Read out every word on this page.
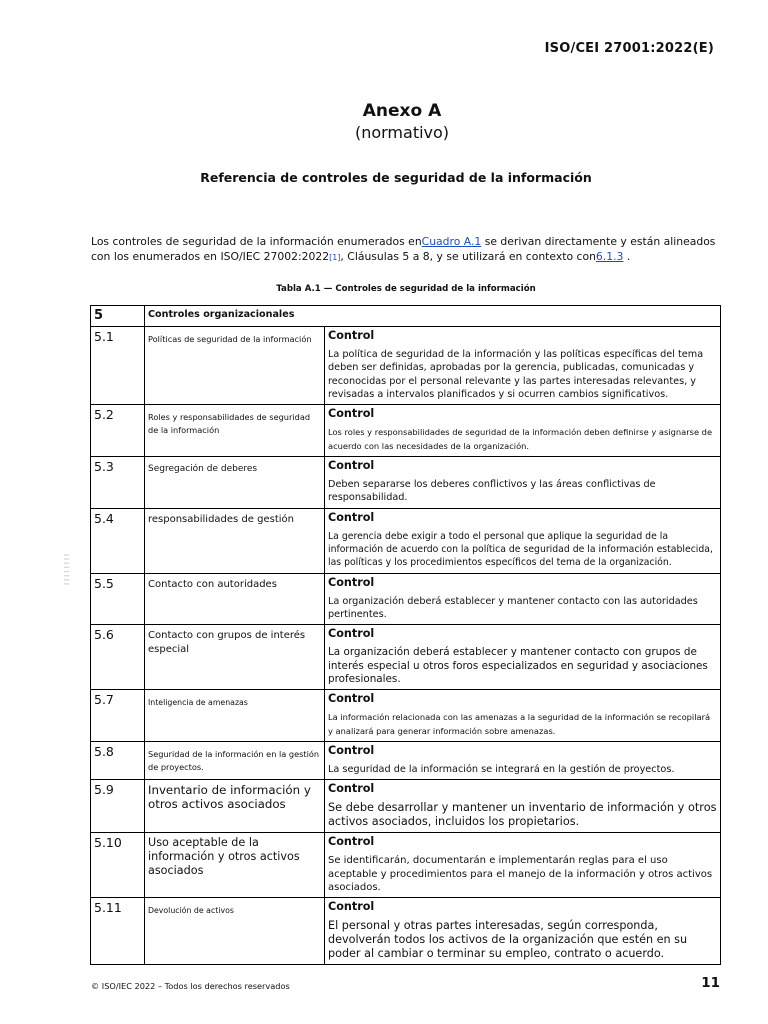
ISO/CEI 27001:2022(E)
Anexo A
(normativo)
Referencia de controles de seguridad de la información

Los controles de seguridad de la información enumerados enCuadro A.1 se derivan directamente y están alineados con los enumerados en ISO/IEC 27002:2022[1], Cláusulas 5 a 8, y se utilizará en contexto con6.1.3 .

Tabla A.1 — Controles de seguridad de la información
5	Controles organizacionales	
5.1	Políticas de seguridad de la información	Control
La política de seguridad de la información y las políticas específicas del tema deben ser definidas, aprobadas por la gerencia, publicadas, comunicadas y reconocidas por el personal relevante y las partes interesadas relevantes, y revisadas a intervalos planificados y si ocurren cambios significativos.

5.2	Roles y responsabilidades de seguridad de la información	Control
Los roles y responsabilidades de seguridad de la información deben definirse y asignarse de acuerdo con las necesidades de la organización.

5.3	Segregación de deberes	Control
Deben separarse los deberes conflictivos y las áreas conflictivas de responsabilidad.

5.4	responsabilidades de gestión	Control
La gerencia debe exigir a todo el personal que aplique la seguridad de la información de acuerdo con la política de seguridad de la información establecida, las políticas y los procedimientos específicos del tema de la organización.

5.5	Contacto con autoridades	Control
La organización deberá establecer y mantener contacto con las autoridades pertinentes.

5.6	Contacto con grupos de interés especial	Control
La organización deberá establecer y mantener contacto con grupos de interés especial u otros foros especializados en seguridad y asociaciones profesionales.

5.7	Inteligencia de amenazas	Control
La información relacionada con las amenazas a la seguridad de la información se recopilará y analizará para generar información sobre amenazas.

5.8	Seguridad de la información en la gestión de proyectos.	Control
La seguridad de la información se integrará en la gestión de proyectos.

5.9	Inventario de información y otros activos asociados	Control
Se debe desarrollar y mantener un inventario de información y otros activos asociados, incluidos los propietarios.

5.10	Uso aceptable de la información y otros activos asociados	Control
Se identificarán, documentarán e implementarán reglas para el uso aceptable y procedimientos para el manejo de la información y otros activos asociados.

5.11	Devolución de activos	Control
El personal y otras partes interesadas, según corresponda, devolverán todos los activos de la organización que estén en su poder al cambiar o terminar su empleo, contrato o acuerdo.
‖ ‖ ‖ ‖ ‖ ‖ ‖ ‖
© ISO/IEC 2022 – Todos los derechos reservados	11
